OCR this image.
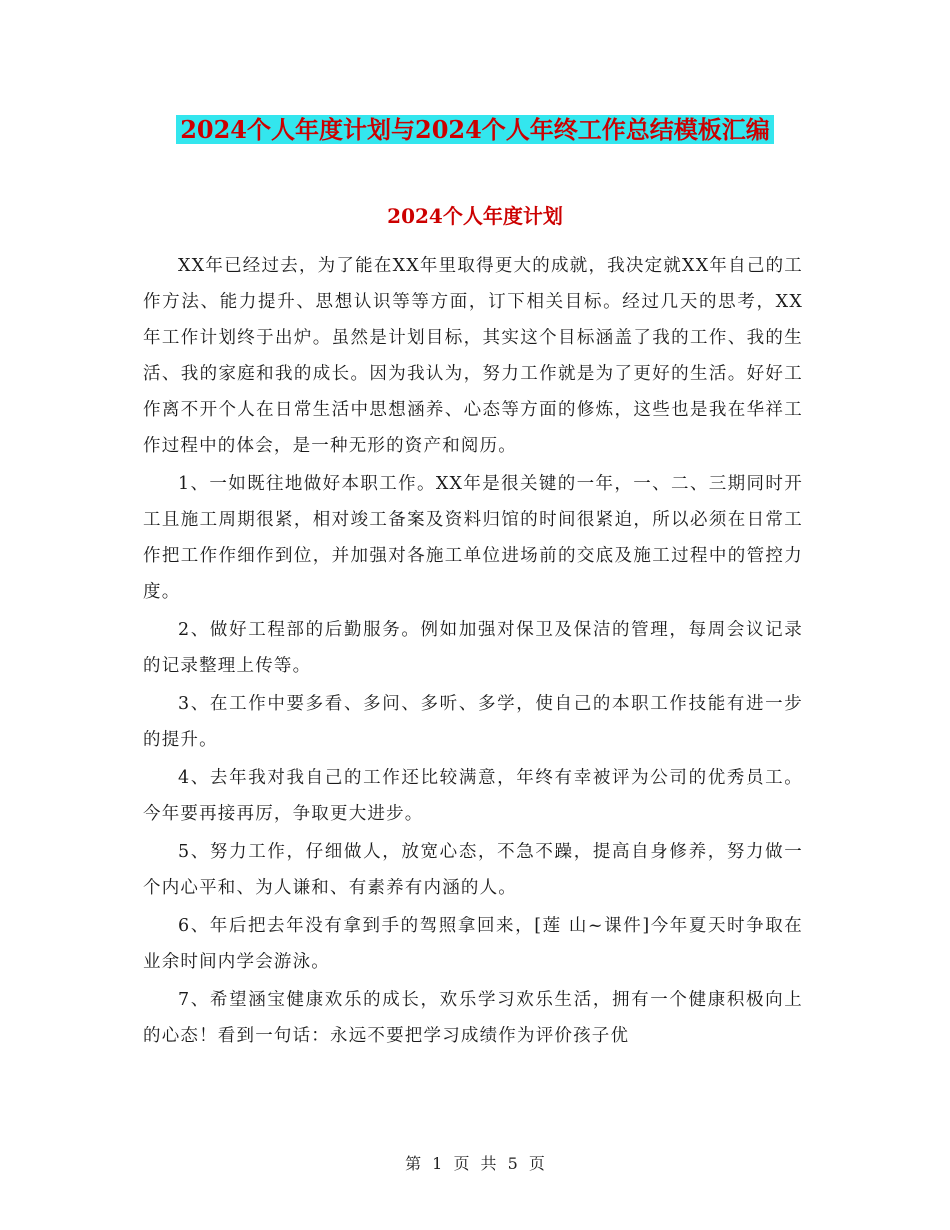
2024个人年度计划与2024个人年终工作总结模板汇编
2024个人年度计划

XX年已经过去，为了能在XX年里取得更大的成就，我决定就XX年自己的工作方法、能力提升、思想认识等等方面，订下相关目标。经过几天的思考，XX年工作计划终于出炉。虽然是计划目标，其实这个目标涵盖了我的工作、我的生活、我的家庭和我的成长。因为我认为，努力工作就是为了更好的生活。好好工作离不开个人在日常生活中思想涵养、心态等方面的修炼，这些也是我在华祥工作过程中的体会，是一种无形的资产和阅历。

1、一如既往地做好本职工作。XX年是很关键的一年，一、二、三期同时开工且施工周期很紧，相对竣工备案及资料归馆的时间很紧迫，所以必须在日常工作把工作作细作到位，并加强对各施工单位进场前的交底及施工过程中的管控力度。

2、做好工程部的后勤服务。例如加强对保卫及保洁的管理，每周会议记录的记录整理上传等。

3、在工作中要多看、多问、多听、多学，使自己的本职工作技能有进一步的提升。

4、去年我对我自己的工作还比较满意，年终有幸被评为公司的优秀员工。今年要再接再厉，争取更大进步。

5、努力工作，仔细做人，放宽心态，不急不躁，提高自身修养，努力做一个内心平和、为人谦和、有素养有内涵的人。

6、年后把去年没有拿到手的驾照拿回来，[莲 山~课件]今年夏天时争取在业余时间内学会游泳。

7、希望涵宝健康欢乐的成长，欢乐学习欢乐生活，拥有一个健康积极向上的心态！看到一句话：永远不要把学习成绩作为评价孩子优

第 1 页 共 5 页
